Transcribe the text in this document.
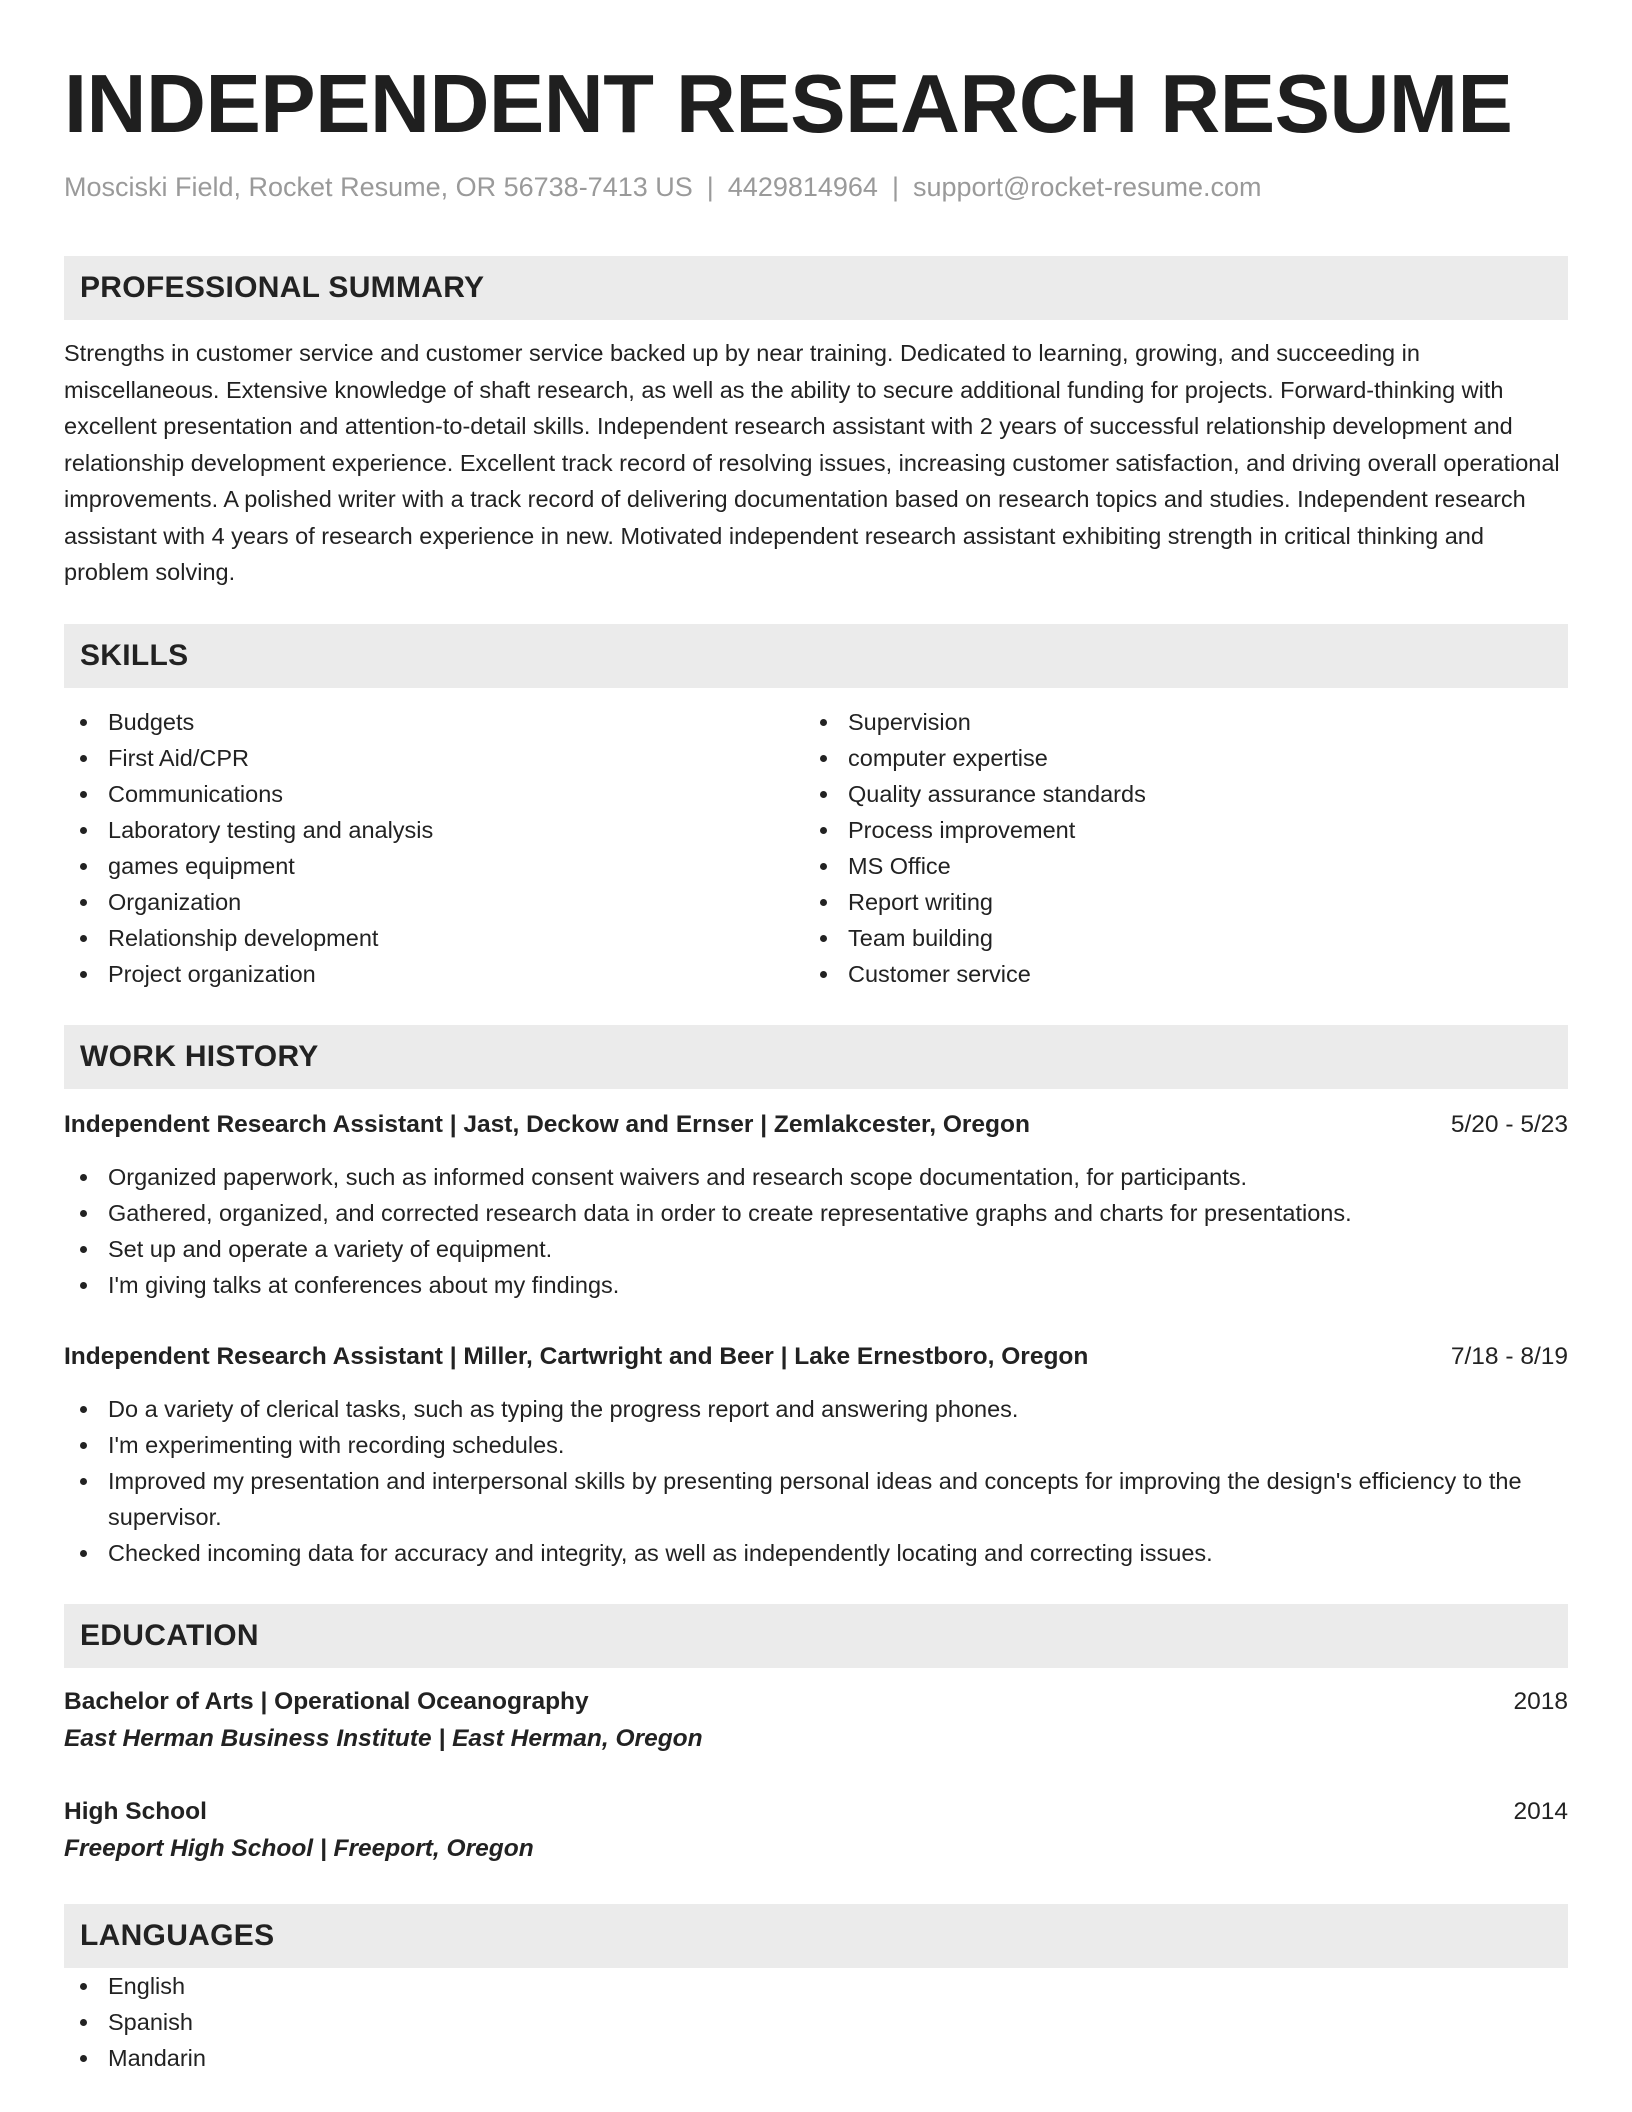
INDEPENDENT RESEARCH RESUME
Mosciski Field, Rocket Resume, OR 56738-7413 US | 4429814964 | support@rocket-resume.com
PROFESSIONAL SUMMARY
Strengths in customer service and customer service backed up by near training. Dedicated to learning, growing, and succeeding in miscellaneous. Extensive knowledge of shaft research, as well as the ability to secure additional funding for projects. Forward-thinking with excellent presentation and attention-to-detail skills. Independent research assistant with 2 years of successful relationship development and relationship development experience. Excellent track record of resolving issues, increasing customer satisfaction, and driving overall operational improvements. A polished writer with a track record of delivering documentation based on research topics and studies. Independent research assistant with 4 years of research experience in new. Motivated independent research assistant exhibiting strength in critical thinking and problem solving.
SKILLS
Budgets
First Aid/CPR
Communications
Laboratory testing and analysis
games equipment
Organization
Relationship development
Project organization
Supervision
computer expertise
Quality assurance standards
Process improvement
MS Office
Report writing
Team building
Customer service
WORK HISTORY
Independent Research Assistant | Jast, Deckow and Ernser | Zemlakcester, Oregon	5/20 - 5/23
Organized paperwork, such as informed consent waivers and research scope documentation, for participants.
Gathered, organized, and corrected research data in order to create representative graphs and charts for presentations.
Set up and operate a variety of equipment.
I'm giving talks at conferences about my findings.
Independent Research Assistant | Miller, Cartwright and Beer | Lake Ernestboro, Oregon	7/18 - 8/19
Do a variety of clerical tasks, such as typing the progress report and answering phones.
I'm experimenting with recording schedules.
Improved my presentation and interpersonal skills by presenting personal ideas and concepts for improving the design's efficiency to the supervisor.
Checked incoming data for accuracy and integrity, as well as independently locating and correcting issues.
EDUCATION
Bachelor of Arts | Operational Oceanography	2018
East Herman Business Institute | East Herman, Oregon
High School	2014
Freeport High School | Freeport, Oregon
LANGUAGES
English
Spanish
Mandarin
